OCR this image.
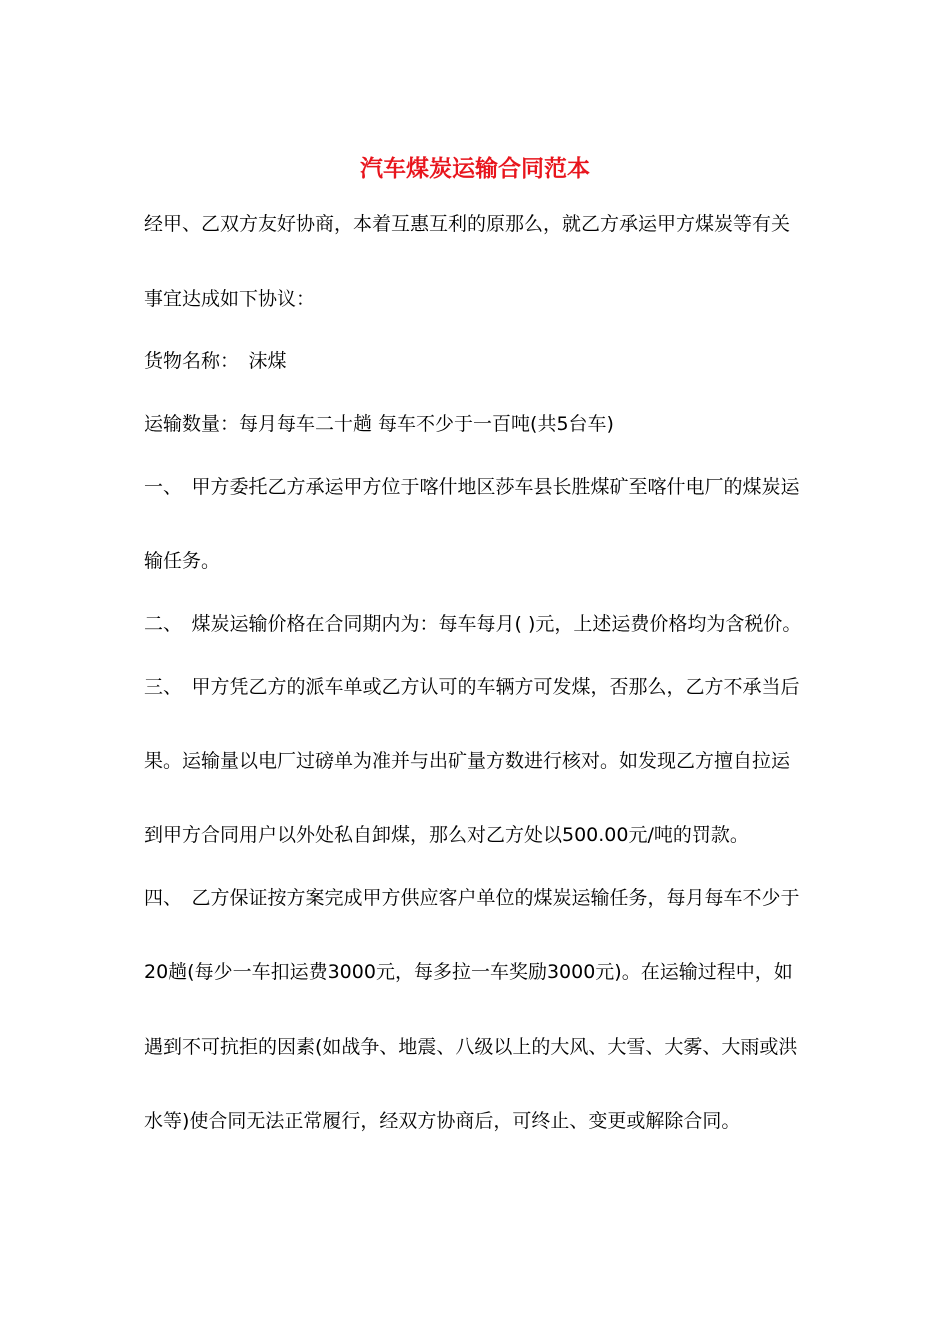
汽车煤炭运输合同范本
经甲、乙双方友好协商，本着互惠互利的原那么，就乙方承运甲方煤炭等有关
事宜达成如下协议：
货物名称：　沫煤
运输数量：每月每车二十趟 每车不少于一百吨(共5台车)
一、　甲方委托乙方承运甲方位于喀什地区莎车县长胜煤矿至喀什电厂的煤炭运
输任务。
二、　煤炭运输价格在合同期内为：每车每月( )元，上述运费价格均为含税价。
三、　甲方凭乙方的派车单或乙方认可的车辆方可发煤，否那么，乙方不承当后
果。运输量以电厂过磅单为准并与出矿量方数进行核对。如发现乙方擅自拉运
到甲方合同用户以外处私自卸煤，那么对乙方处以500.00元/吨的罚款。
四、　乙方保证按方案完成甲方供应客户单位的煤炭运输任务，每月每车不少于
20趟(每少一车扣运费3000元，每多拉一车奖励3000元)。在运输过程中，如
遇到不可抗拒的因素(如战争、地震、八级以上的大风、大雪、大雾、大雨或洪
水等)使合同无法正常履行，经双方协商后，可终止、变更或解除合同。
